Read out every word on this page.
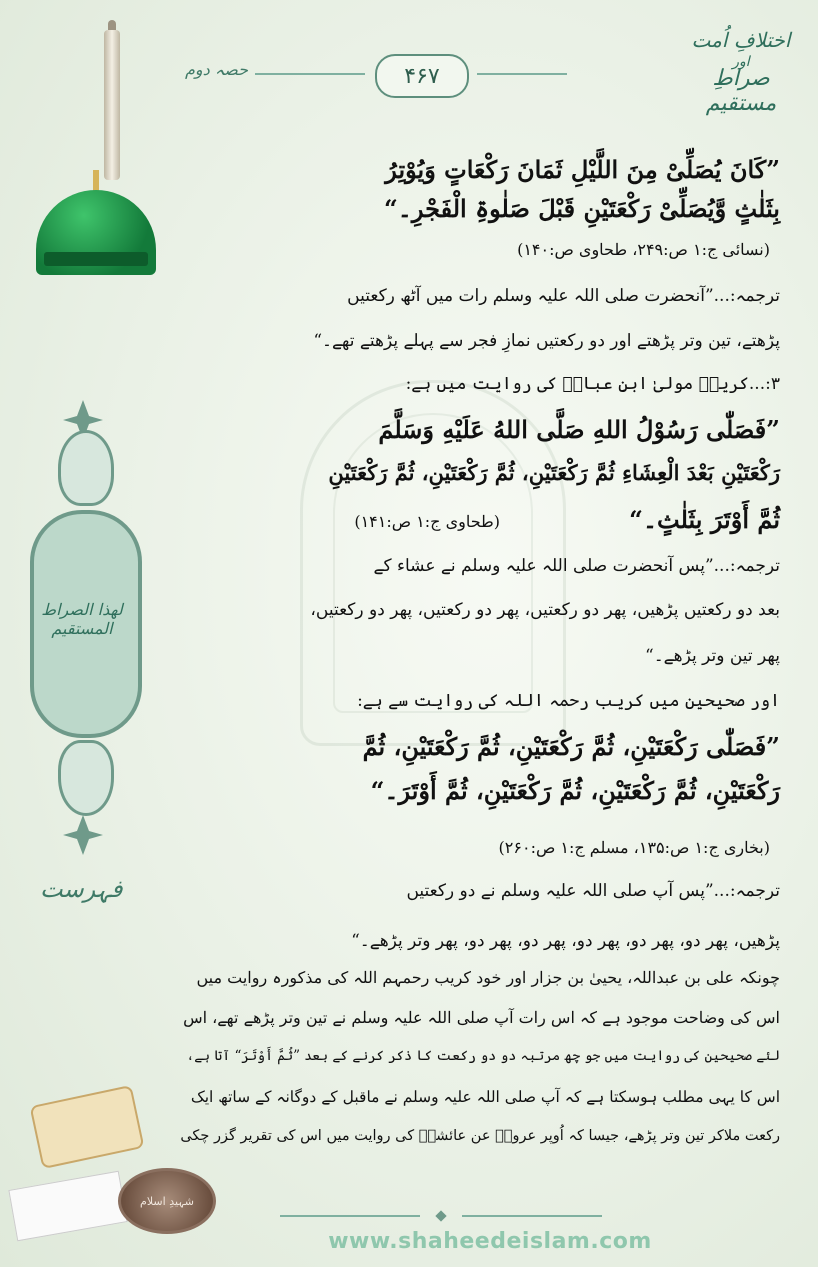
حصہ دوم	۴۶۷
اختلافِ اُمت
اور
صراطِ مستقیم
لھذا الصراط المستقیم
فہرست
شہیدِ اسلام
”کَانَ یُصَلِّیْ مِنَ اللَّیْلِ ثَمَانَ رَکْعَاتٍ وَیُوْتِرُ
بِثَلٰثٍ وَّیُصَلِّیْ رَکْعَتَیْنِ قَبْلَ صَلٰوۃِ الْفَجْرِ۔“
(نسائی ج:۱ ص:۲۴۹، طحاوی ص:۱۴۰)
ترجمہ:...”آنحضرت صلی اللہ علیہ وسلم رات میں آٹھ رکعتیں
پڑھتے، تین وتر پڑھتے اور دو رکعتیں نمازِ فجر سے پہلے پڑھتے تھے۔“
۳:...کریبؒ مولیٰ ابنِ عباسؓ کی روایت میں ہے:
”فَصَلّٰی رَسُوْلُ اللهِ صَلَّی اللهُ عَلَیْهِ وَسَلَّمَ
رَکْعَتَیْنِ بَعْدَ الْعِشَاءِ ثُمَّ رَکْعَتَیْنِ، ثُمَّ رَکْعَتَیْنِ، ثُمَّ رَکْعَتَیْنِ
ثُمَّ أَوْتَرَ بِثَلٰثٍ۔“
(طحاوی ج:۱ ص:۱۴۱)
ترجمہ:...”پس آنحضرت صلی اللہ علیہ وسلم نے عشاء کے
بعد دو رکعتیں پڑھیں، پھر دو رکعتیں، پھر دو رکعتیں، پھر دو رکعتیں،
پھر تین وتر پڑھے۔“
اور صحیحین میں کریب رحمہ اللہ کی روایت سے ہے:
”فَصَلّٰی رَکْعَتَیْنِ، ثُمَّ رَکْعَتَیْنِ، ثُمَّ رَکْعَتَیْنِ، ثُمَّ
رَکْعَتَیْنِ، ثُمَّ رَکْعَتَیْنِ، ثُمَّ رَکْعَتَیْنِ، ثُمَّ أَوْتَرَ۔“
(بخاری ج:۱ ص:۱۳۵، مسلم ج:۱ ص:۲۶۰)
ترجمہ:...”پس آپ صلی اللہ علیہ وسلم نے دو رکعتیں
پڑھیں، پھر دو، پھر دو، پھر دو، پھر دو، پھر دو، پھر وتر پڑھے۔“
چونکہ علی بن عبداللہ، یحییٰ بن جزار اور خود کریب رحمہم اللہ کی مذکورہ روایت میں
اس کی وضاحت موجود ہے کہ اس رات آپ صلی اللہ علیہ وسلم نے تین وتر پڑھے تھے، اس
لئے صحیحین کی روایت میں جو چھ مرتبہ دو دو رکعت کا ذکر کرنے کے بعد ”ثُمَّ أَوْتَرَ“ آتا ہے،
اس کا یہی مطلب ہوسکتا ہے کہ آپ صلی اللہ علیہ وسلم نے ماقبل کے دوگانہ کے ساتھ ایک
رکعت ملاکر تین وتر پڑھے، جیسا کہ اُوپر عروہؒ عن عائشہؓ کی روایت میں اس کی تقریر گزر چکی
www.shaheedeislam.com
